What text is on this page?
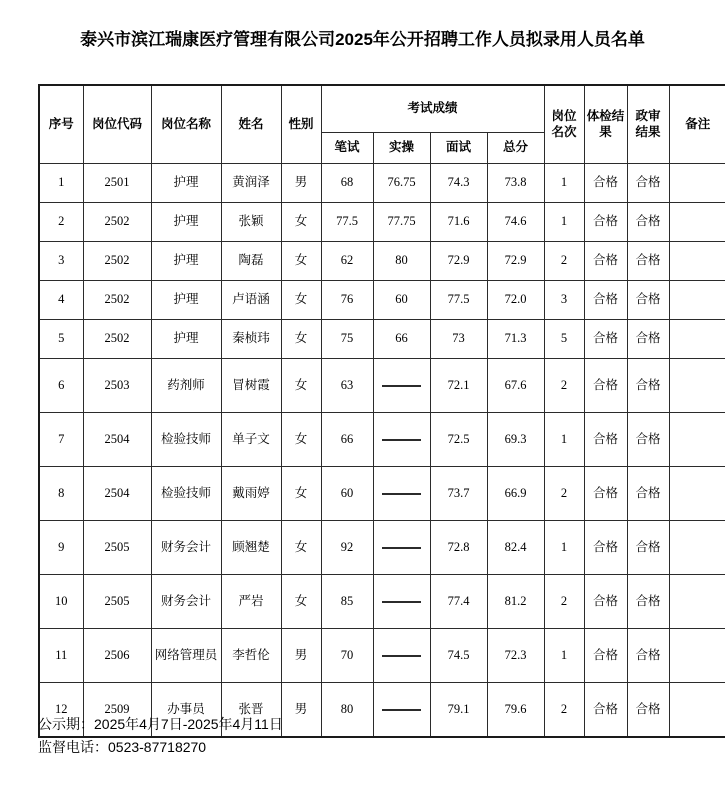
泰兴市滨江瑞康医疗管理有限公司2025年公开招聘工作人员拟录用人员名单
序号	岗位代码	岗位名称	姓名	性别	考试成绩				岗位名次	体检结果	政审结果	备注
					笔试	实操	面试	总分				
1	2501	护理	黄润泽	男	68	76.75	74.3	73.8	1	合格	合格	
2	2502	护理	张颖	女	77.5	77.75	71.6	74.6	1	合格	合格	
3	2502	护理	陶磊	女	62	80	72.9	72.9	2	合格	合格	
4	2502	护理	卢语涵	女	76	60	77.5	72.0	3	合格	合格	
5	2502	护理	秦桢玮	女	75	66	73	71.3	5	合格	合格	
6	2503	药剂师	冒树霞	女	63		72.1	67.6	2	合格	合格	
7	2504	检验技师	单子文	女	66		72.5	69.3	1	合格	合格	
8	2504	检验技师	戴雨婷	女	60		73.7	66.9	2	合格	合格	
9	2505	财务会计	顾翘楚	女	92		72.8	82.4	1	合格	合格	
10	2505	财务会计	严岩	女	85		77.4	81.2	2	合格	合格	
11	2506	网络管理员	李哲伦	男	70		74.5	72.3	1	合格	合格	
12	2509	办事员	张晋	男	80		79.1	79.6	2	合格	合格	
公示期：2025年4月7日-2025年4月11日
监督电话：0523-87718270
